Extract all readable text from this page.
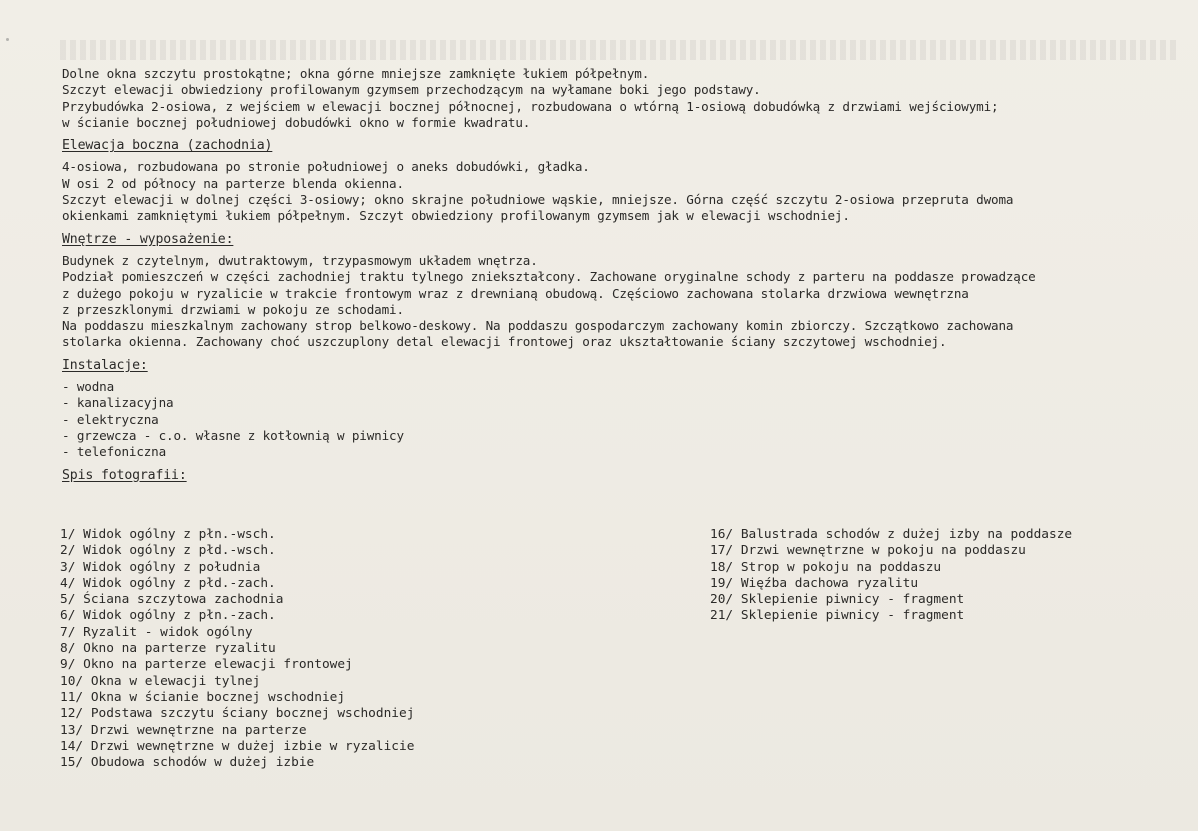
Dolne okna szczytu prostokątne; okna górne mniejsze zamknięte łukiem półpełnym.
Szczyt elewacji obwiedziony profilowanym gzymsem przechodzącym na wyłamane boki jego podstawy.
Przybudówka 2-osiowa, z wejściem w elewacji bocznej północnej, rozbudowana o wtórną 1-osiową dobudówką z drzwiami wejściowymi;
w ścianie bocznej południowej dobudówki okno w formie kwadratu.
Elewacja boczna (zachodnia)
4-osiowa, rozbudowana po stronie południowej o aneks dobudówki, gładka.
W osi 2 od północy na parterze blenda okienna.
Szczyt elewacji w dolnej części 3-osiowy; okno skrajne południowe wąskie, mniejsze. Górna część szczytu 2-osiowa przepruta dwoma
okienkami zamkniętymi łukiem półpełnym. Szczyt obwiedziony profilowanym gzymsem jak w elewacji wschodniej.
Wnętrze - wyposażenie:
Budynek z czytelnym, dwutraktowym, trzypasmowym układem wnętrza.
Podział pomieszczeń w części zachodniej traktu tylnego zniekształcony. Zachowane oryginalne schody z parteru na poddasze prowadzące
z dużego pokoju w ryzalicie w trakcie frontowym wraz z drewnianą obudową. Częściowo zachowana stolarka drzwiowa wewnętrzna
z przeszklonymi drzwiami w pokoju ze schodami.
Na poddaszu mieszkalnym zachowany strop belkowo-deskowy. Na poddaszu gospodarczym zachowany komin zbiorczy. Szczątkowo zachowana
stolarka okienna. Zachowany choć uszczuplony detal elewacji frontowej oraz ukształtowanie ściany szczytowej wschodniej.
Instalacje:
- wodna
- kanalizacyjna
- elektryczna
- grzewcza - c.o. własne z kotłownią w piwnicy
- telefoniczna
Spis fotografii:
1/ Widok ogólny z płn.-wsch.
2/ Widok ogólny z płd.-wsch.
3/ Widok ogólny z południa
4/ Widok ogólny z płd.-zach.
5/ Ściana szczytowa zachodnia
6/ Widok ogólny z płn.-zach.
7/ Ryzalit - widok ogólny
8/ Okno na parterze ryzalitu
9/ Okno na parterze elewacji frontowej
10/ Okna w elewacji tylnej
11/ Okna w ścianie bocznej wschodniej
12/ Podstawa szczytu ściany bocznej wschodniej
13/ Drzwi wewnętrzne na parterze
14/ Drzwi wewnętrzne w dużej izbie w ryzalicie
15/ Obudowa schodów w dużej izbie
16/ Balustrada schodów z dużej izby na poddasze
17/ Drzwi wewnętrzne w pokoju na poddaszu
18/ Strop w pokoju na poddaszu
19/ Więźba dachowa ryzalitu
20/ Sklepienie piwnicy - fragment
21/ Sklepienie piwnicy - fragment
